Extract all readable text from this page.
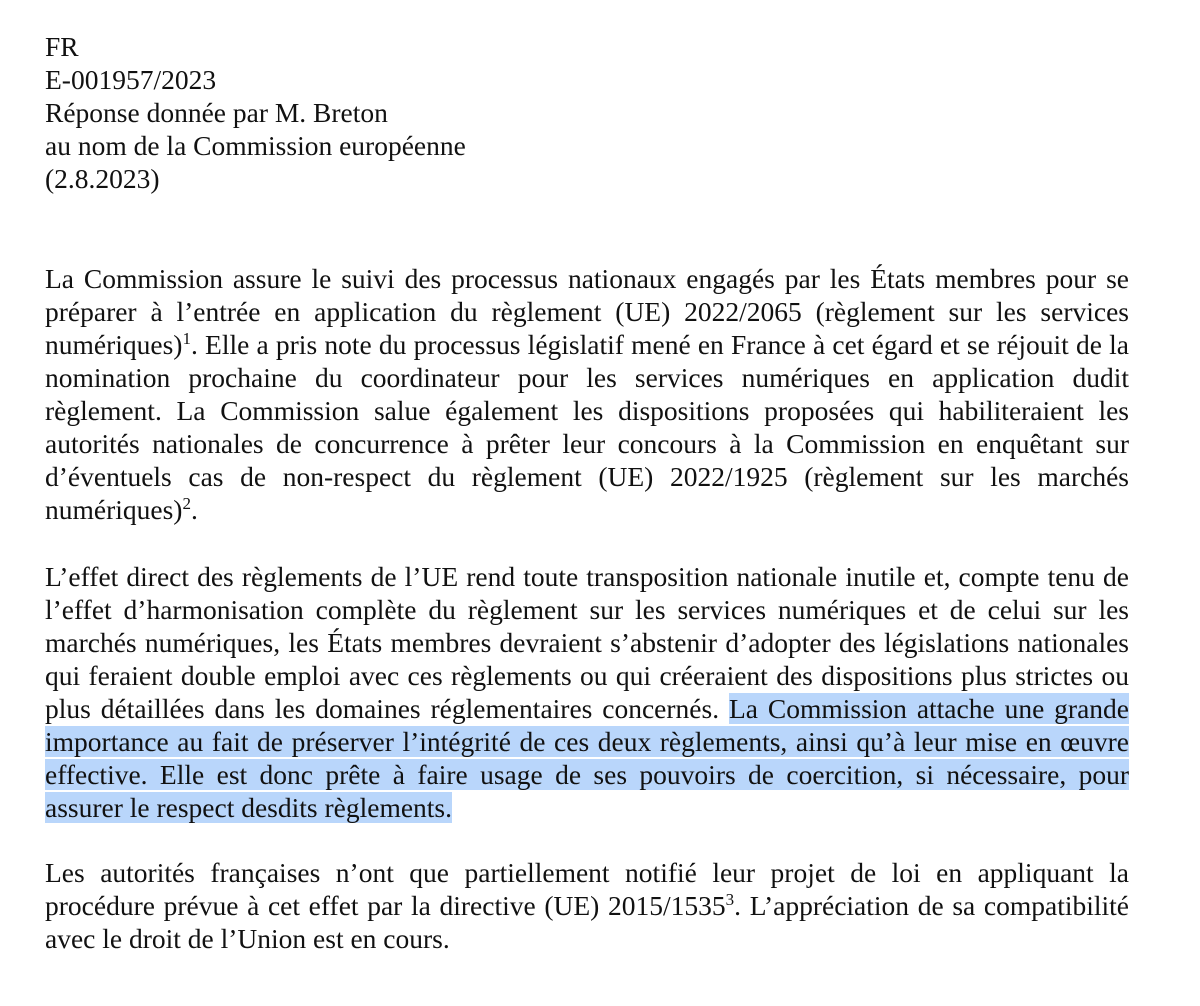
FR
E-001957/2023
Réponse donnée par M. Breton
au nom de la Commission européenne
(2.8.2023)

La Commission assure le suivi des processus nationaux engagés par les États membres pour se préparer à l’entrée en application du règlement (UE) 2022/2065 (règlement sur les services numériques)$^1$. Elle a pris note du processus législatif mené en France à cet égard et se réjouit de la nomination prochaine du coordinateur pour les services numériques en application dudit règlement. La Commission salue également les dispositions proposées qui habiliteraient les autorités nationales de concurrence à prêter leur concours à la Commission en enquêtant sur d’éventuels cas de non-respect du règlement (UE) 2022/1925 (règlement sur les marchés numériques)$^2$.

L’effet direct des règlements de l’UE rend toute transposition nationale inutile et, compte tenu de l’effet d’harmonisation complète du règlement sur les services numériques et de celui sur les marchés numériques, les États membres devraient s’abstenir d’adopter des législations nationales qui feraient double emploi avec ces règlements ou qui créeraient des dispositions plus strictes ou plus détaillées dans les domaines réglementaires concernés. La Commission attache une grande importance au fait de préserver l’intégrité de ces deux règlements, ainsi qu’à leur mise en œuvre effective. Elle est donc prête à faire usage de ses pouvoirs de coercition, si nécessaire, pour assurer le respect desdits règlements.

Les autorités françaises n’ont que partiellement notifié leur projet de loi en appliquant la procédure prévue à cet effet par la directive (UE) 2015/1535$^3$. L’appréciation de sa compatibilité avec le droit de l’Union est en cours.
